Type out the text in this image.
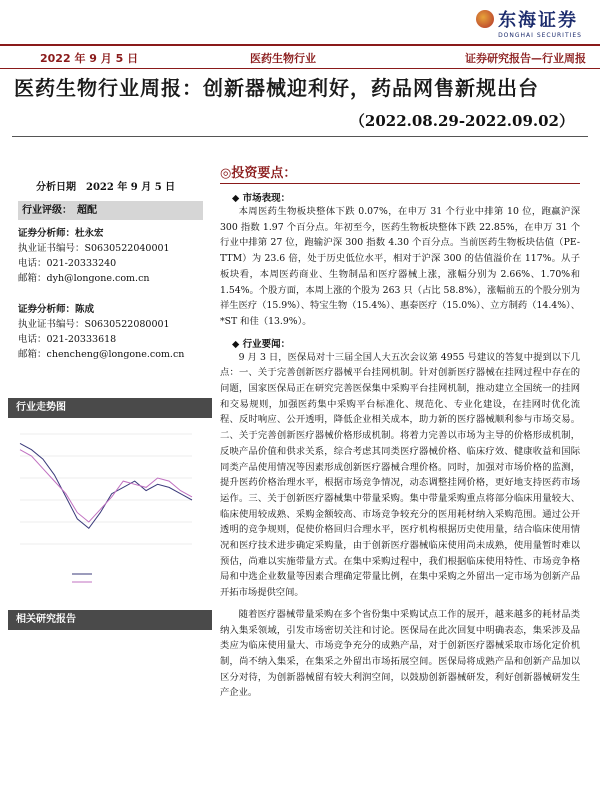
东海证券
DONGHAI SECURITIES
2022 年 9 月 5 日	医药生物行业	证券研究报告—行业周报
医药生物行业周报：创新器械迎利好，药品网售新规出台
（2022.08.29-2022.09.02）
分析日期　2022 年 9 月 5 日
行业评级：　超配
证券分析师：杜永宏
执业证书编号：S0630522040001
电话：021-20333240
邮箱：dyh@longone.com.cn
证券分析师：陈成
执业证书编号：S0630522080001
电话：021-20333618
邮箱：chencheng@longone.com.cn
行业走势图
相关研究报告
◎投资要点：
◆ 市场表现：

本周医药生物板块整体下跌 0.07%，在申万 31 个行业中排第 10 位，跑赢沪深 300 指数 1.97 个百分点。年初至今，医药生物板块整体下跌 22.85%，在申万 31 个行业中排第 27 位，跑输沪深 300 指数 4.30 个百分点。当前医药生物板块估值（PE-TTM）为 23.6 倍，处于历史低位水平，相对于沪深 300 的估值溢价在 117%。从子板块看，本周医药商业、生物制品和医疗器械上涨，涨幅分别为 2.66%、1.70%和 1.54%。个股方面，本周上涨的个股为 263 只（占比 58.8%），涨幅前五的个股分别为祥生医疗（15.9%）、特宝生物（15.4%）、惠泰医疗（15.0%）、立方制药（14.4%）、*ST 和佳（13.9%）。

◆ 行业要闻：

9 月 3 日，医保局对十三届全国人大五次会议第 4955 号建议的答复中提到以下几点：一、关于完善创新医疗器械平台挂网机制。针对创新医疗器械在挂网过程中存在的问题，国家医保局正在研究完善医保集中采购平台挂网机制，推动建立全国统一的挂网和交易规则，加强医药集中采购平台标准化、规范化、专业化建设，在挂网时优化流程、反时响应、公开透明，降低企业相关成本，助力新的医疗器械顺利参与市场交易。二、关于完善创新医疗器械价格形成机制。将着力完善以市场为主导的价格形成机制，反映产品价值和供求关系，综合考虑其同类医疗器械价格、临床疗效、健康收益和国际同类产品使用情况等因素形成创新医疗器械合理价格。同时，加强对市场价格的监测，提升医药价格治理水平，根据市场竞争情况，动态调整挂网价格，更好地支持医药市场运作。三、关于创新医疗器械集中带量采购。集中带量采购重点将部分临床用量较大、临床使用较成熟、采购金额较高、市场竞争较充分的医用耗材纳入采购范围。通过公开透明的竞争规则，促使价格回归合理水平，医疗机构根据历史使用量，结合临床使用情况和医疗技术进步确定采购量，由于创新医疗器械临床使用尚未成熟，使用量暂时难以预估，尚难以实施带量方式。在集中采购过程中，我们根据临床使用特性、市场竞争格局和中选企业数量等因素合理确定带量比例，在集中采购之外留出一定市场为创新产品开拓市场提供空间。

随着医疗器械带量采购在多个省份集中采购试点工作的展开，越来越多的耗材品类纳入集采领域，引发市场密切关注和讨论。医保局在此次回复中明确表态，集采涉及品类应为临床使用量大、市场竞争充分的成熟产品，对于创新医疗器械采取市场化定价机制，尚不纳入集采，在集采之外留出市场拓展空间。医保局将成熟产品和创新产品加以区分对待，为创新器械留有较大利润空间，以鼓励创新器械研发，利好创新器械研发生产企业。
